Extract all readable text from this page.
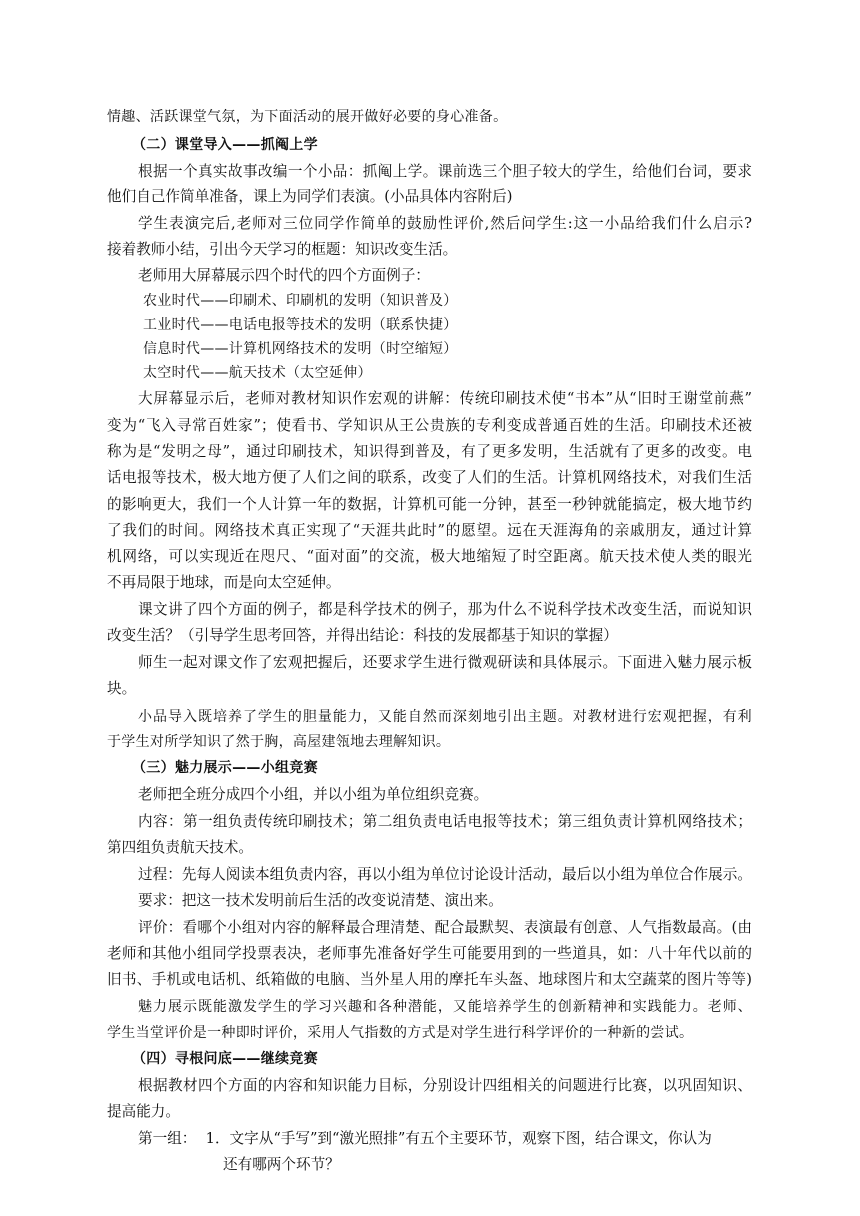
情趣、活跃课堂气氛，为下面活动的展开做好必要的身心准备。
（二）课堂导入——抓阄上学
根据一个真实故事改编一个小品：抓阄上学。课前选三个胆子较大的学生，给他们台词，要求
他们自己作简单准备，课上为同学们表演。(小品具体内容附后)
学生表演完后,老师对三位同学作简单的鼓励性评价,然后问学生:这一小品给我们什么启示?
接着教师小结，引出今天学习的框题：知识改变生活。
老师用大屏幕展示四个时代的四个方面例子：
农业时代——印刷术、印刷机的发明（知识普及）
工业时代——电话电报等技术的发明（联系快捷）
信息时代——计算机网络技术的发明（时空缩短）
太空时代——航天技术（太空延伸）
大屏幕显示后，老师对教材知识作宏观的讲解：传统印刷技术使“书本”从“旧时王谢堂前燕”
变为“飞入寻常百姓家”；使看书、学知识从王公贵族的专利变成普通百姓的生活。印刷技术还被
称为是“发明之母”，通过印刷技术，知识得到普及，有了更多发明，生活就有了更多的改变。电
话电报等技术，极大地方便了人们之间的联系，改变了人们的生活。计算机网络技术，对我们生活
的影响更大，我们一个人计算一年的数据，计算机可能一分钟，甚至一秒钟就能搞定，极大地节约
了我们的时间。网络技术真正实现了“天涯共此时”的愿望。远在天涯海角的亲戚朋友，通过计算
机网络，可以实现近在咫尺、“面对面”的交流，极大地缩短了时空距离。航天技术使人类的眼光
不再局限于地球，而是向太空延伸。
课文讲了四个方面的例子，都是科学技术的例子，那为什么不说科学技术改变生活，而说知识
改变生活？（引导学生思考回答，并得出结论：科技的发展都基于知识的掌握）
师生一起对课文作了宏观把握后，还要求学生进行微观研读和具体展示。下面进入魅力展示板
块。
小品导入既培养了学生的胆量能力，又能自然而深刻地引出主题。对教材进行宏观把握，有利
于学生对所学知识了然于胸，高屋建瓴地去理解知识。
（三）魅力展示——小组竞赛
老师把全班分成四个小组，并以小组为单位组织竞赛。
内容：第一组负责传统印刷技术；第二组负责电话电报等技术；第三组负责计算机网络技术；
第四组负责航天技术。
过程：先每人阅读本组负责内容，再以小组为单位讨论设计活动，最后以小组为单位合作展示。
要求：把这一技术发明前后生活的改变说清楚、演出来。
评价：看哪个小组对内容的解释最合理清楚、配合最默契、表演最有创意、人气指数最高。(由
老师和其他小组同学投票表决，老师事先准备好学生可能要用到的一些道具，如：八十年代以前的
旧书、手机或电话机、纸箱做的电脑、当外星人用的摩托车头盔、地球图片和太空蔬菜的图片等等)
魅力展示既能激发学生的学习兴趣和各种潜能，又能培养学生的创新精神和实践能力。老师、
学生当堂评价是一种即时评价，采用人气指数的方式是对学生进行科学评价的一种新的尝试。
（四）寻根问底——继续竞赛
根据教材四个方面的内容和知识能力目标，分别设计四组相关的问题进行比赛，以巩固知识、
提高能力。
第一组：  1．文字从“手写”到“激光照排”有五个主要环节，观察下图，结合课文，你认为
还有哪两个环节？
